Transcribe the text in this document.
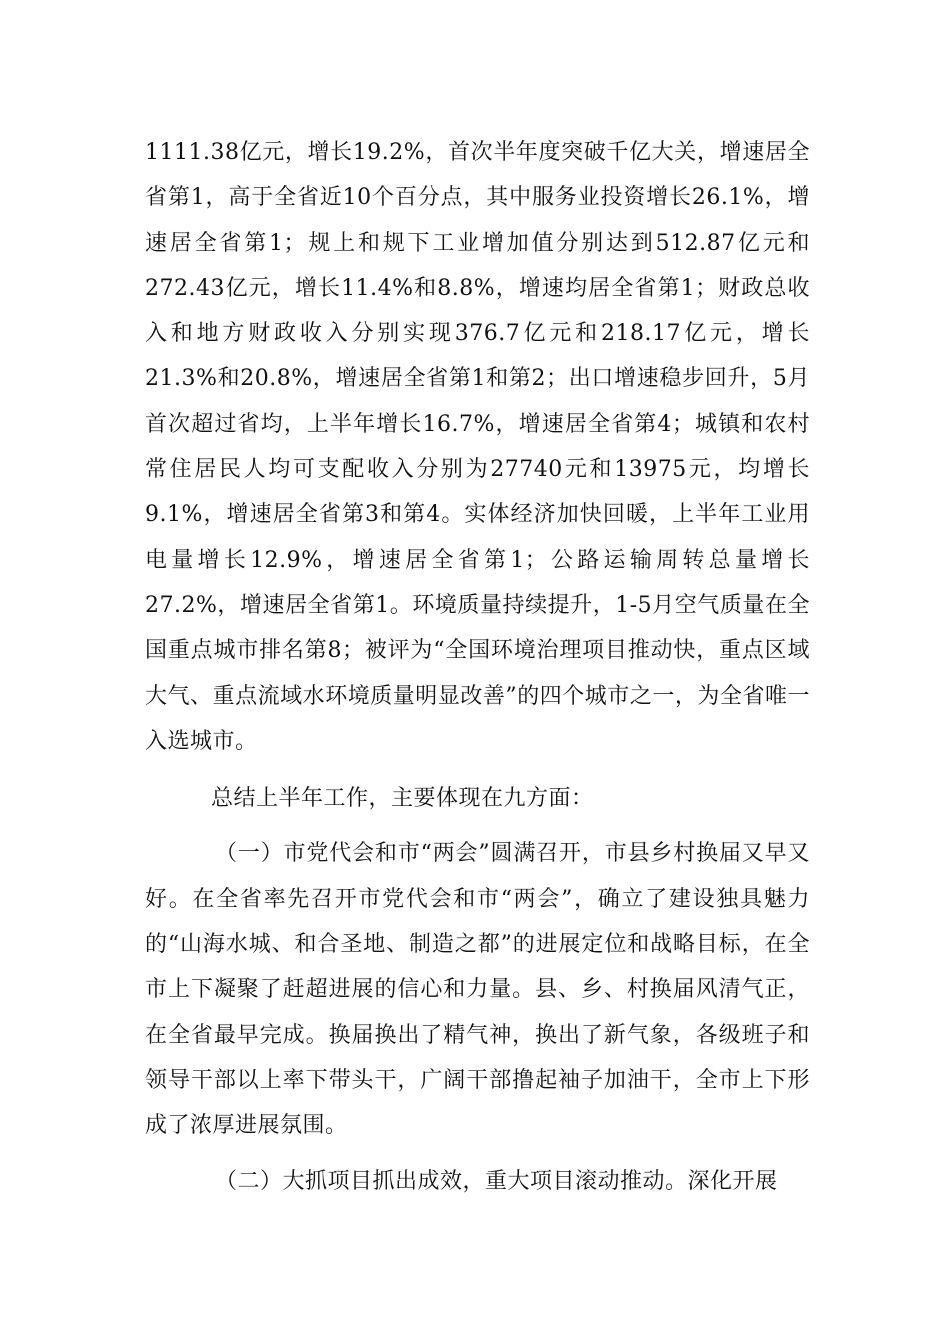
1111.38亿元，增长19.2%，首次半年度突破千亿大关，增速居全省第1，高于全省近10个百分点，其中服务业投资增长26.1%，增速居全省第1；规上和规下工业增加值分别达到512.87亿元和272.43亿元，增长11.4%和8.8%，增速均居全省第1；财政总收入和地方财政收入分别实现376.7亿元和218.17亿元，增长21.3%和20.8%，增速居全省第1和第2；出口增速稳步回升，5月首次超过省均，上半年增长16.7%，增速居全省第4；城镇和农村常住居民人均可支配收入分别为27740元和13975元，均增长9.1%，增速居全省第3和第4。实体经济加快回暖，上半年工业用电量增长12.9%，增速居全省第1；公路运输周转总量增长27.2%，增速居全省第1。环境质量持续提升，1-5月空气质量在全国重点城市排名第8；被评为“全国环境治理项目推动快，重点区域大气、重点流域水环境质量明显改善”的四个城市之一，为全省唯一入选城市。

总结上半年工作，主要体现在九方面：

（一）市党代会和市“两会”圆满召开，市县乡村换届又早又好。在全省率先召开市党代会和市“两会”，确立了建设独具魅力的“山海水城、和合圣地、制造之都”的进展定位和战略目标，在全市上下凝聚了赶超进展的信心和力量。县、乡、村换届风清气正，在全省最早完成。换届换出了精气神，换出了新气象，各级班子和领导干部以上率下带头干，广阔干部撸起袖子加油干，全市上下形成了浓厚进展氛围。

（二）大抓项目抓出成效，重大项目滚动推动。深化开展
